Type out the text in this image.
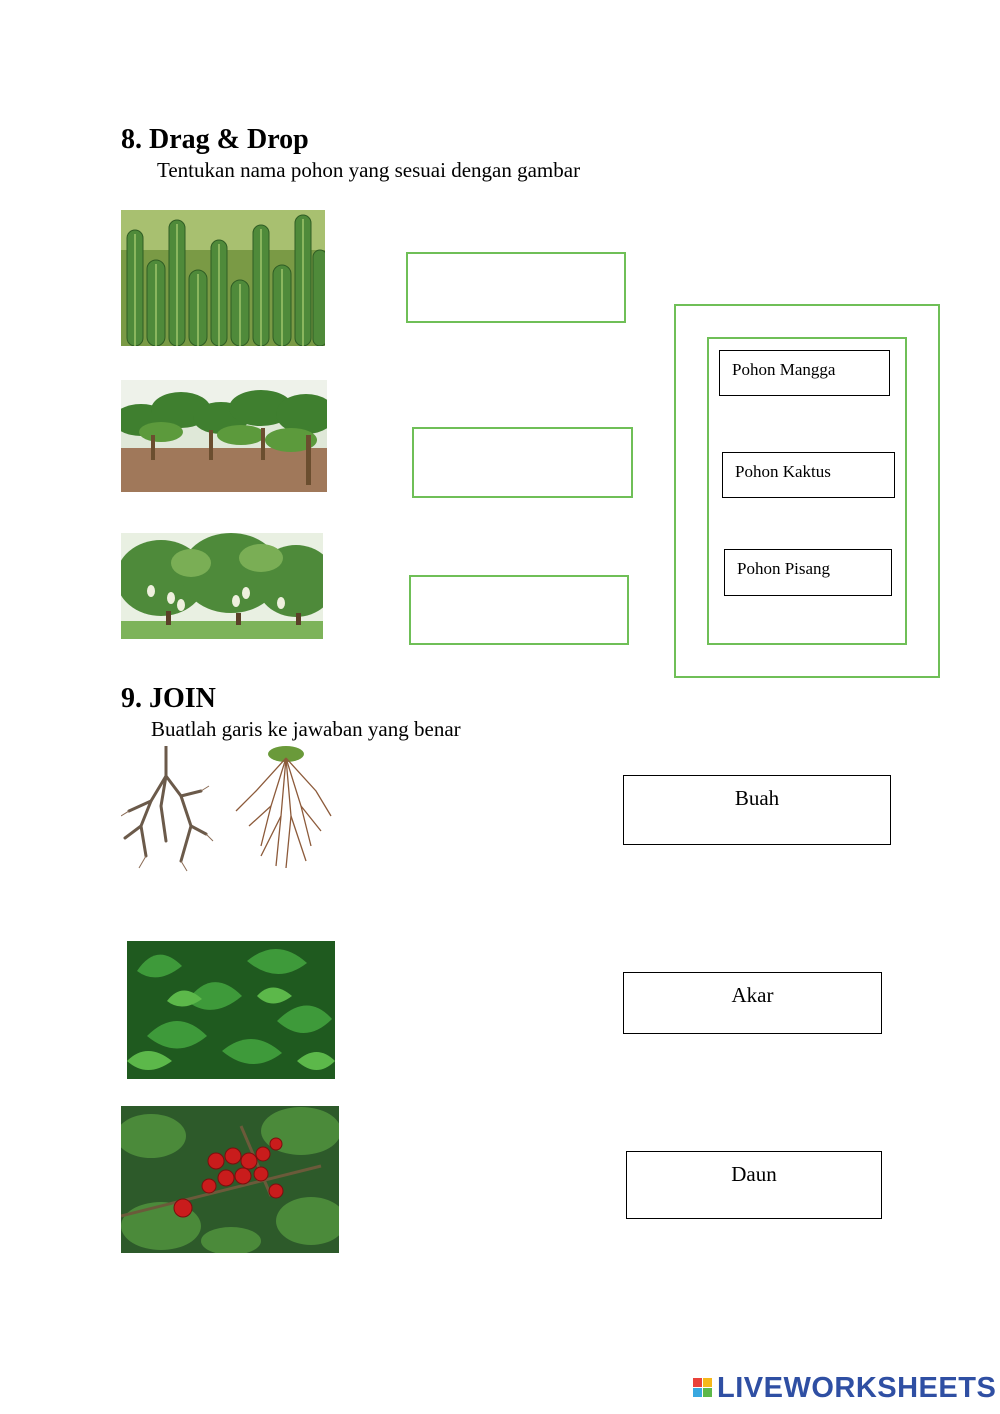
8. Drag & Drop
Tentukan nama pohon yang sesuai dengan gambar
Pohon Mangga
Pohon Kaktus
Pohon Pisang
9. JOIN
Buatlah garis ke jawaban yang benar
Buah
Akar
Daun
LIVEWORKSHEETS
